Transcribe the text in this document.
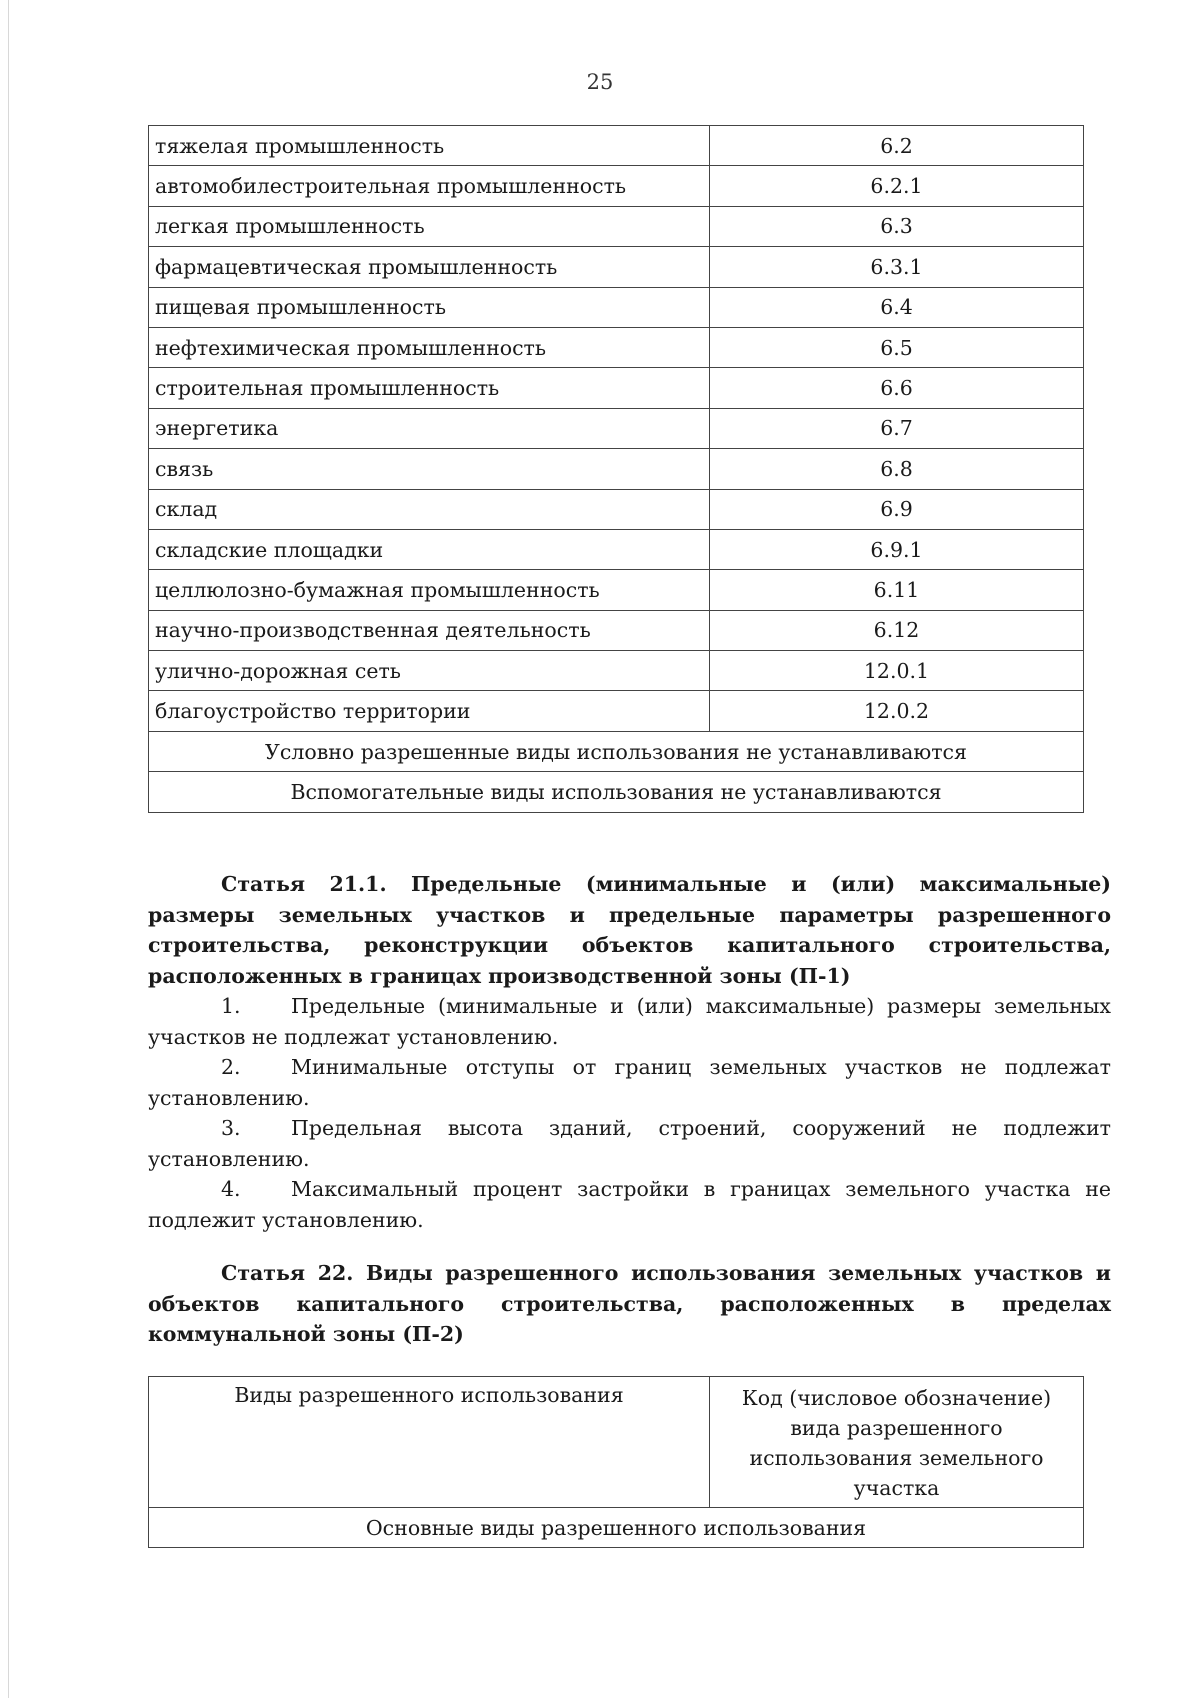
25
тяжелая промышленность	6.2
автомобилестроительная промышленность	6.2.1
легкая промышленность	6.3
фармацевтическая промышленность	6.3.1
пищевая промышленность	6.4
нефтехимическая промышленность	6.5
строительная промышленность	6.6
энергетика	6.7
связь	6.8
склад	6.9
складские площадки	6.9.1
целлюлозно-бумажная промышленность	6.11
научно-производственная деятельность	6.12
улично-дорожная сеть	12.0.1
благоустройство территории	12.0.2
Условно разрешенные виды использования не устанавливаются	
Вспомогательные виды использования не устанавливаются	
Статья 21.1. Предельные (минимальные и (или) максимальные) размеры земельных участков и предельные параметры разрешенного строительства, реконструкции объектов капитального строительства, расположенных в границах производственной зоны (П-1)

1. Предельные (минимальные и (или) максимальные) размеры земельных участков не подлежат установлению.

2. Минимальные отступы от границ земельных участков не подлежат установлению.

3. Предельная высота зданий, строений, сооружений не подлежит установлению.

4. Максимальный процент застройки в границах земельного участка не подлежит установлению.

Статья 22. Виды разрешенного использования земельных участков и объектов капитального строительства, расположенных в пределах коммунальной зоны (П-2)
Виды разрешенного использования	Код (числовое обозначение) вида разрешенного использования земельного участка
Основные виды разрешенного использования
